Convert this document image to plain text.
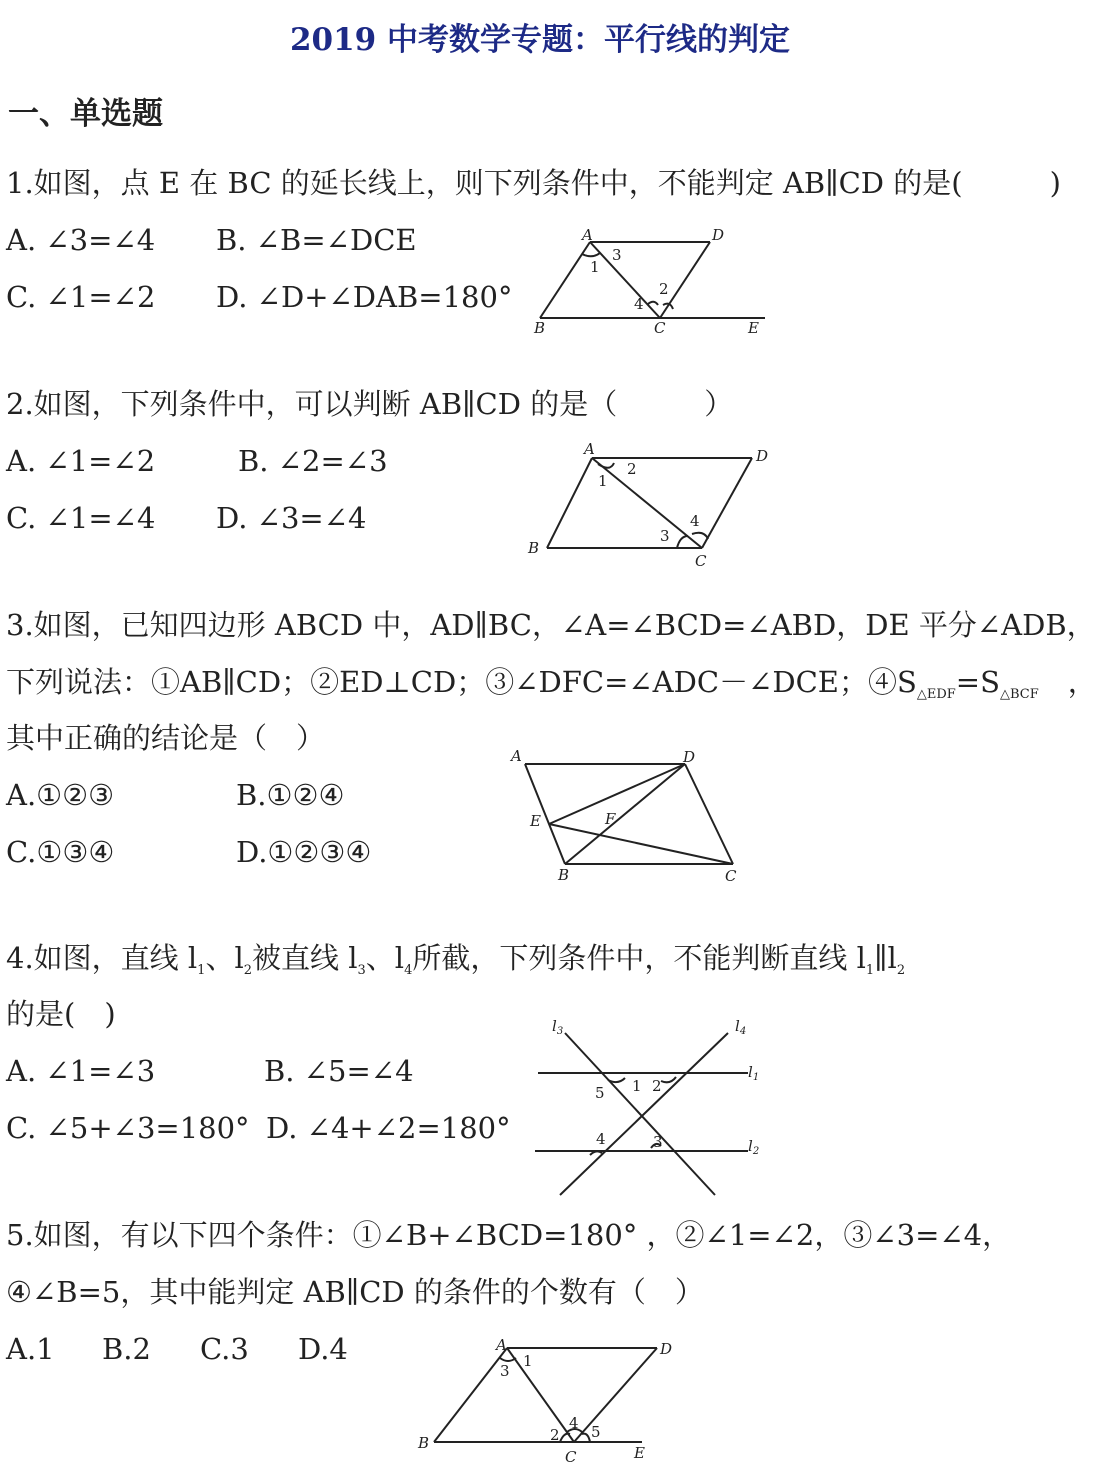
2019 中考数学专题：平行线的判定
一、单选题
1.如图，点 E 在 BC 的延长线上，则下列条件中，不能判定 AB∥CD 的是(　　　)
A. ∠3=∠4 B. ∠B=∠DCE
C. ∠1=∠2 D. ∠D+∠DAB=180°
A	D
B	C	E
1
2
3
4
2.如图，下列条件中，可以判断 AB∥CD 的是（　　　）
A. ∠1=∠2	B. ∠2=∠3
C. ∠1=∠4 D. ∠3=∠4
A	D
B
C
1
2
3
4
3.如图，已知四边形 ABCD 中，AD∥BC，∠A=∠BCD=∠ABD，DE 平分∠ADB，
下列说法：①AB∥CD；②ED⊥CD；③∠DFC=∠ADC－∠DCE；$④S_{\triangle EDF}=S_{\triangle BCF}$　，
其中正确的结论是（　）
A.①②③	B.①②④
C.①③④	D.①②③④
A	D
E	F
B	C
4.如图，直线 $l_1$、$l_2$被直线 $l_3$、$l_4$所截，下列条件中，不能判断直线 $l_1\parallel l_2$
的是(　)
A. ∠1=∠3	B. ∠5=∠4
C. ∠5+∠3=180° D. ∠4+∠2=180°
$l_3$	$l_4$
$l_1$
$l_2$
1 2
3
4
5
5.如图，有以下四个条件：①∠B+∠BCD=180° ，②∠1=∠2，③∠3=∠4，
④∠B=5，其中能判定 AB∥CD 的条件的个数有（　）
A.1 B.2 C.3 D.4	A	D
B
C	E
1
2
3
4 5
